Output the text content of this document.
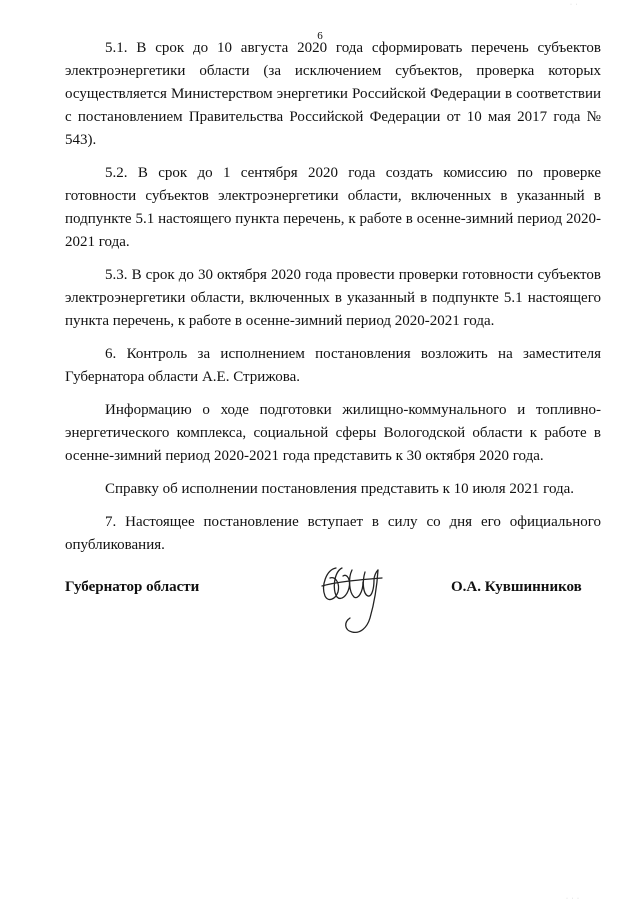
6

5.1. В срок до 10 августа 2020 года сформировать перечень субъектов электроэнергетики области (за исключением субъектов, проверка которых осуществляется Министерством энергетики Российской Федерации в соответствии с постановлением Правительства Российской Федерации от 10 мая 2017 года № 543).

5.2. В срок до 1 сентября 2020 года создать комиссию по проверке готовности субъектов электроэнергетики области, включенных в указанный в подпункте 5.1 настоящего пункта перечень, к работе в осенне-зимний период 2020-2021 года.

5.3. В срок до 30 октября 2020 года провести проверки готовности субъектов электроэнергетики области, включенных в указанный в подпункте 5.1 настоящего пункта перечень, к работе в осенне-зимний период 2020-2021 года.

6. Контроль за исполнением постановления возложить на заместителя Губернатора области А.Е. Стрижова.

Информацию о ходе подготовки жилищно-коммунального и топливно-энергетического комплекса, социальной сферы Вологодской области к работе в осенне-зимний период 2020-2021 года представить к 30 октября 2020 года.

Справку об исполнении постановления представить к 10 июля 2021 года.

7. Настоящее постановление вступает в силу со дня его официального опубликования.

Губернатор области	О.А. Кувшинников
· ·
· · ·
